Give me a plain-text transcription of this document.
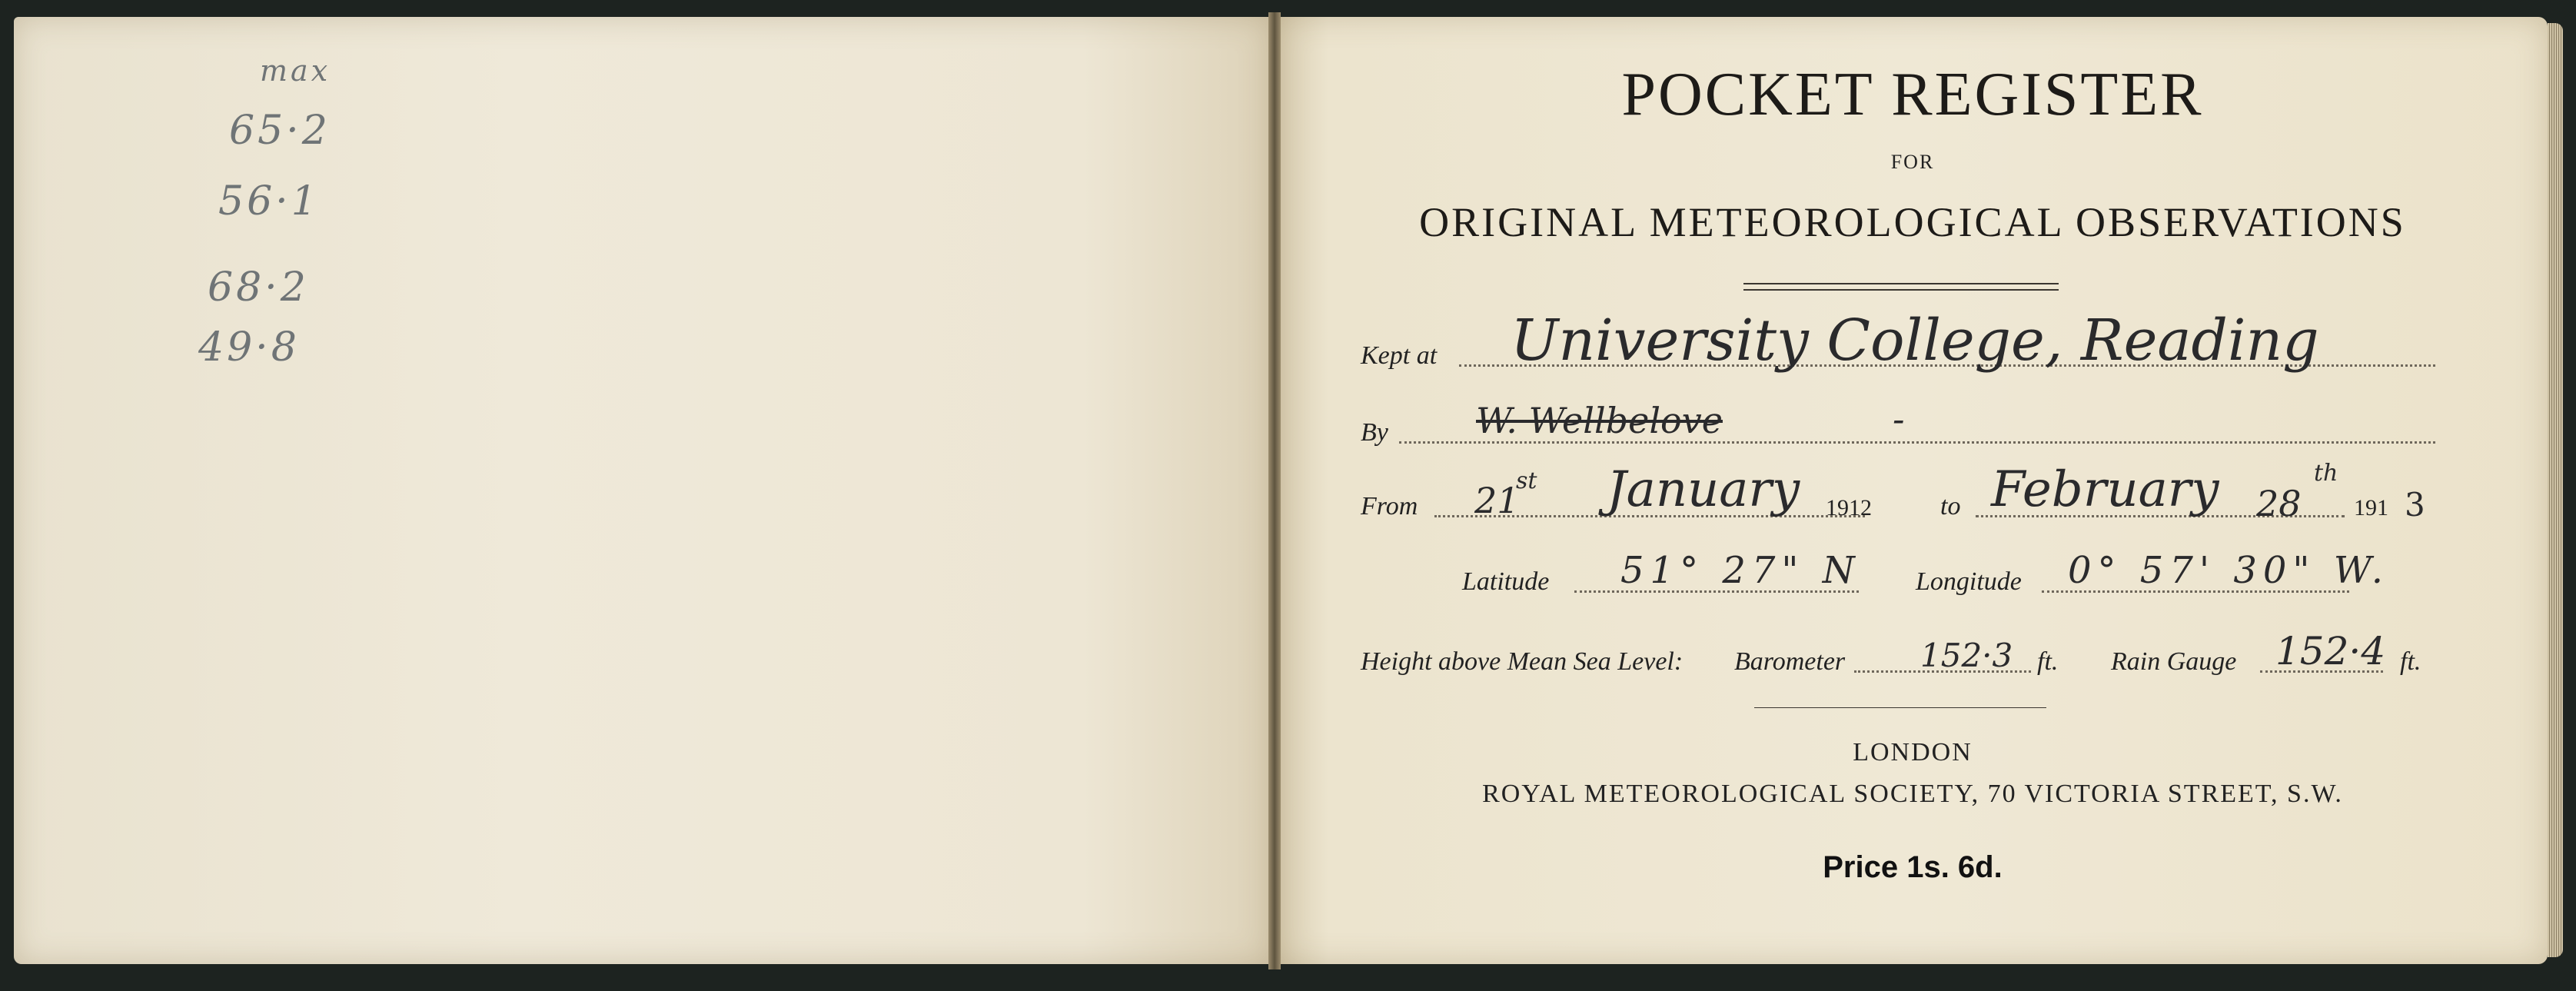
max
65·2
56·1
68·2
49·8
POCKET REGISTER
FOR
ORIGINAL METEOROLOGICAL OBSERVATIONS
Kept at University College, Reading
By W. Wellbelove	-
From 21
st January 1912	to February 28
th
191 3
Latitude 51° 27" N Longitude 0° 57' 30" W.
Height above Mean Sea Level: Barometer 152·3 ft. Rain Gauge 152·4 ft.
LONDON
ROYAL METEOROLOGICAL SOCIETY, 70 VICTORIA STREET, S.W.
Price 1s. 6d.
